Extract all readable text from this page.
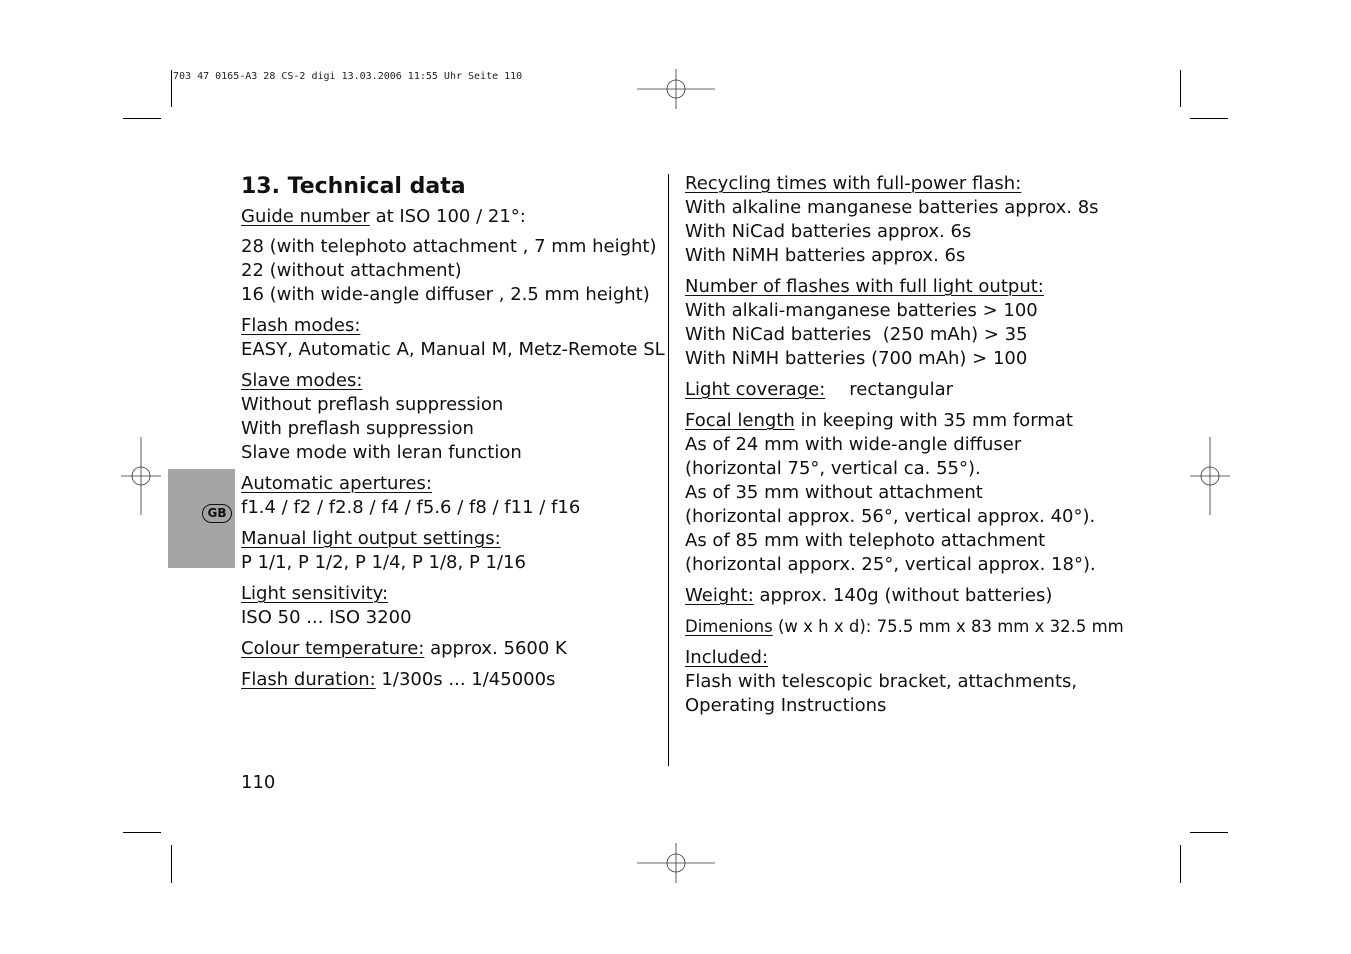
703 47 0165-A3 28 CS-2 digi 13.03.2006 11:55 Uhr Seite 110
GB
13. Technical data
Guide number at ISO 100 / 21°:
28 (with telephoto attachment , 7 mm height)
22 (without attachment)
16 (with wide-angle diffuser , 2.5 mm height)
Flash modes:
EASY, Automatic A, Manual M, Metz-Remote SL
Slave modes:
Without preflash suppression
With preflash suppression
Slave mode with leran function
Automatic apertures:
f1.4 / f2 / f2.8 / f4 / f5.6 / f8 / f11 / f16
Manual light output settings:
P 1/1, P 1/2, P 1/4, P 1/8, P 1/16
Light sensitivity:
ISO 50 ... ISO 3200
Colour temperature: approx. 5600 K
Flash duration: 1/300s ... 1/45000s
Recycling times with full-power flash:
With alkaline manganese batteries approx. 8s
With NiCad batteries approx. 6s
With NiMH batteries approx. 6s
Number of flashes with full light output:
With alkali-manganese batteries > 100
With NiCad batteries  (250 mAh) > 35
With NiMH batteries (700 mAh) > 100
Light coverage: rectangular
Focal length in keeping with 35 mm format
As of 24 mm with wide-angle diffuser
(horizontal 75°, vertical ca. 55°).
As of 35 mm without attachment
(horizontal approx. 56°, vertical approx. 40°).
As of 85 mm with telephoto attachment
(horizontal apporx. 25°, vertical approx. 18°).
Weight: approx. 140g (without batteries)
Dimenions (w x h x d): 75.5 mm x 83 mm x 32.5 mm
Included:
Flash with telescopic bracket, attachments,
Operating Instructions
110
